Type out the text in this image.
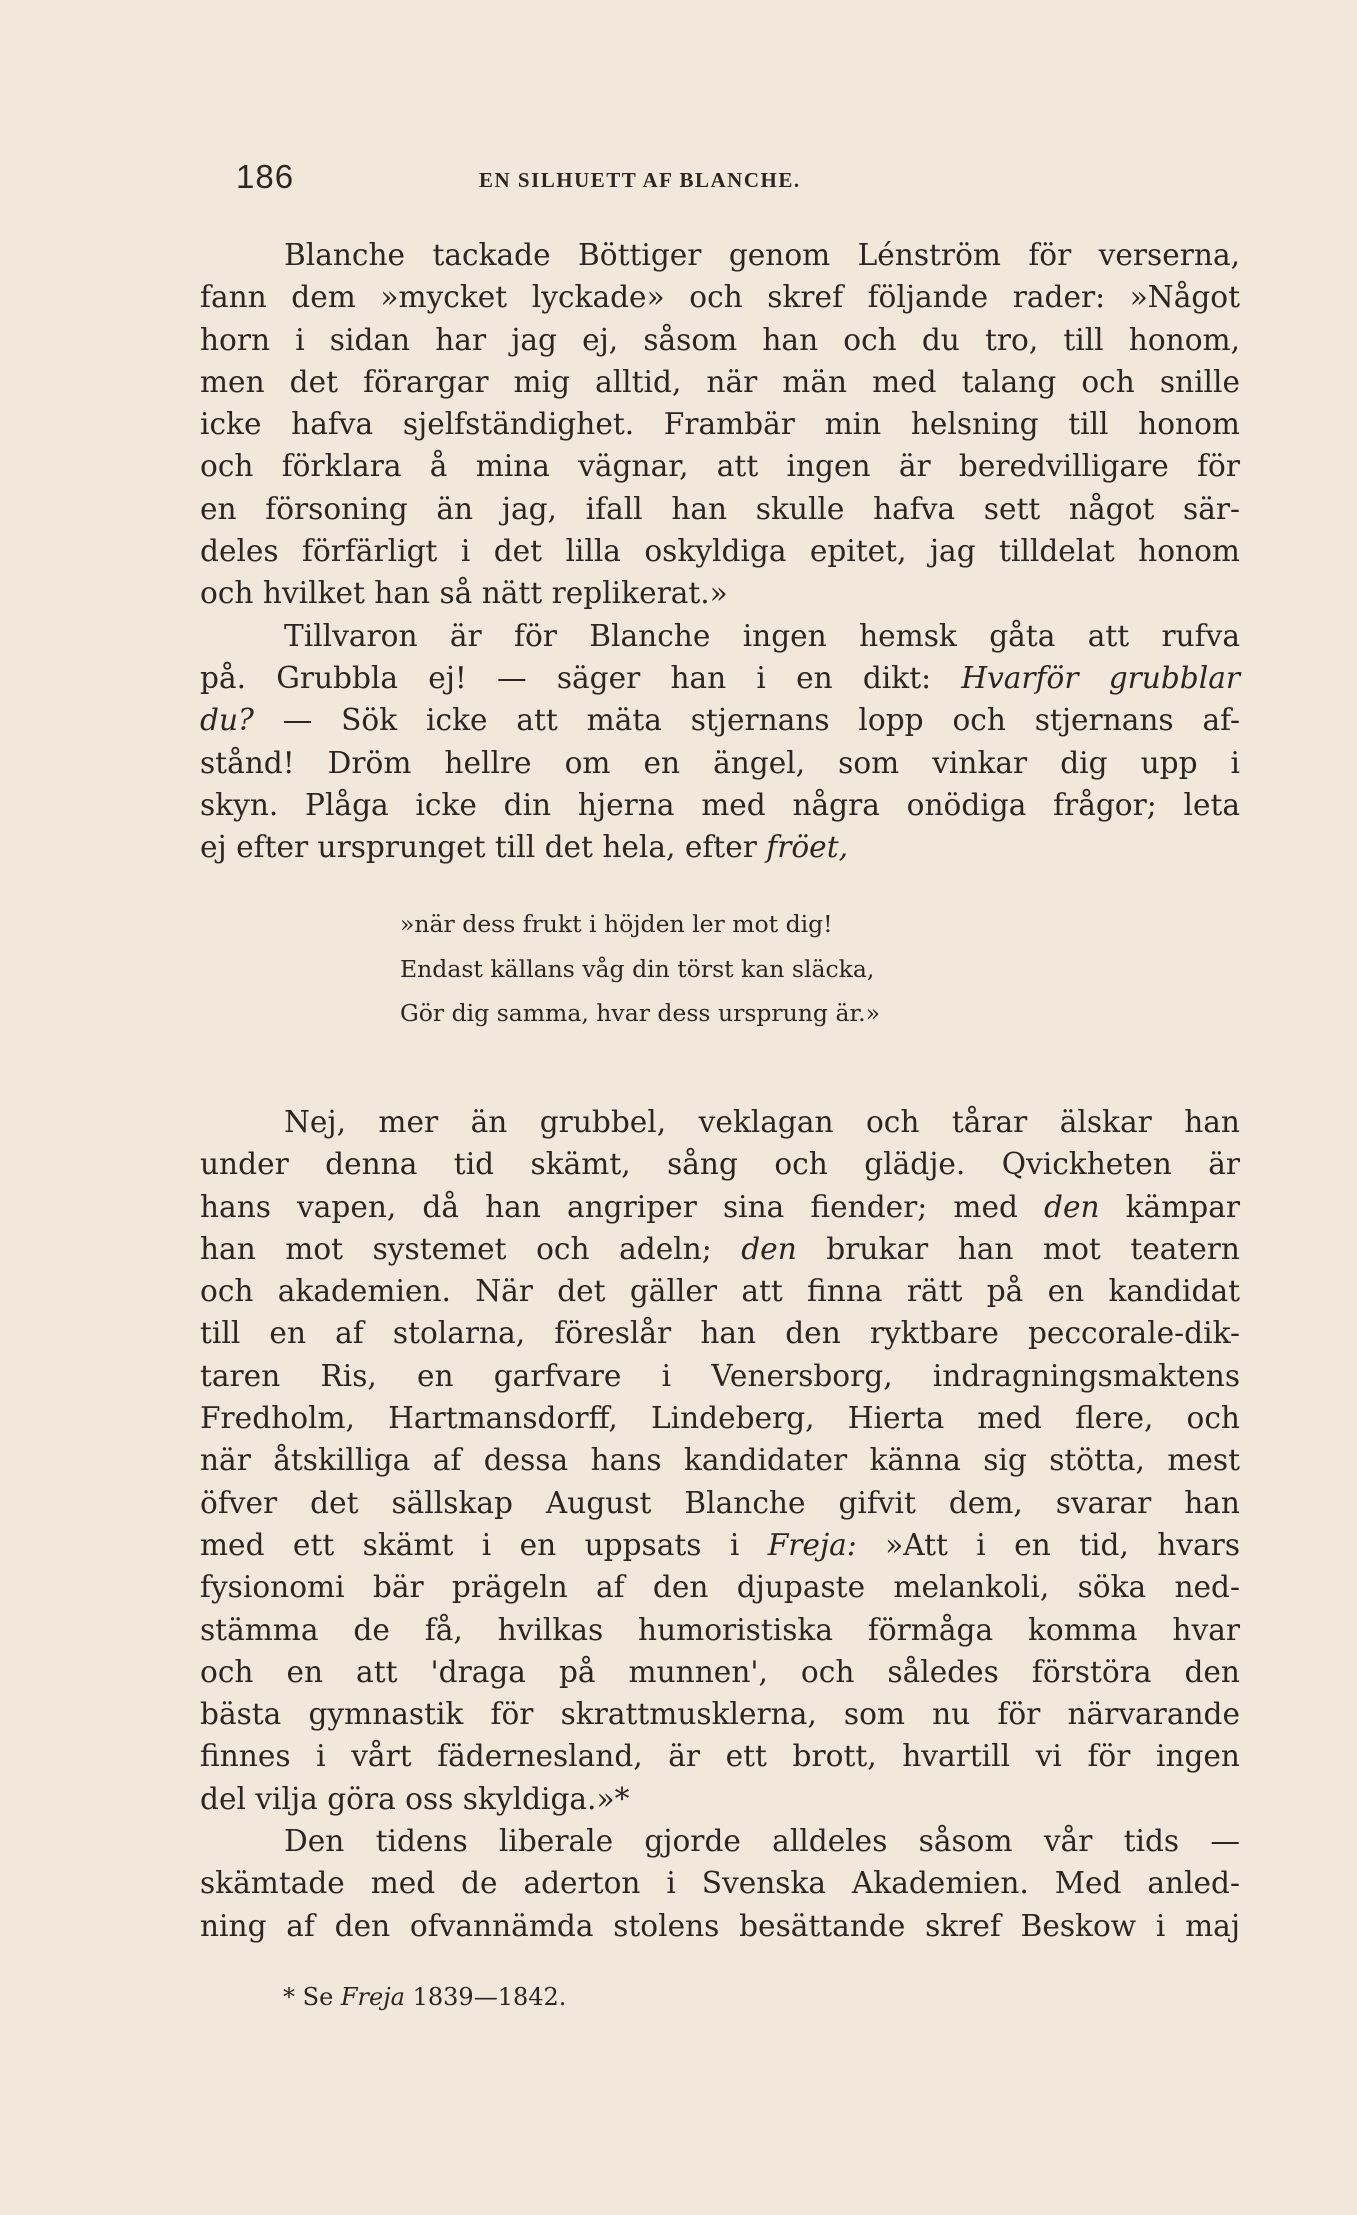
186	EN SILHUETT AF BLANCHE.
Blanche tackade Böttiger genom Lénström för verserna,
fann dem »mycket lyckade» och skref följande rader: »Något
horn i sidan har jag ej, såsom han och du tro, till honom,
men det förargar mig alltid, när män med talang och snille
icke hafva sjelfständighet. Frambär min helsning till honom
och förklara å mina vägnar, att ingen är beredvilligare för
en försoning än jag, ifall han skulle hafva sett något sär-
deles förfärligt i det lilla oskyldiga epitet, jag tilldelat honom
och hvilket han så nätt replikerat.»
Tillvaron är för Blanche ingen hemsk gåta att rufva
på. Grubbla ej! — säger han i en dikt: Hvarför grubblar
du? — Sök icke att mäta stjernans lopp och stjernans af-
stånd! Dröm hellre om en ängel, som vinkar dig upp i
skyn. Plåga icke din hjerna med några onödiga frågor; leta
ej efter ursprunget till det hela, efter fröet,
»när dess frukt i höjden ler mot dig!
Endast källans våg din törst kan släcka,
Gör dig samma, hvar dess ursprung är.»
Nej, mer än grubbel, veklagan och tårar älskar han
under denna tid skämt, sång och glädje. Qvickheten är
hans vapen, då han angriper sina fiender; med den kämpar
han mot systemet och adeln; den brukar han mot teatern
och akademien. När det gäller att finna rätt på en kandidat
till en af stolarna, föreslår han den ryktbare peccorale-dik-
taren Ris, en garfvare i Venersborg, indragningsmaktens
Fredholm, Hartmansdorff, Lindeberg, Hierta med flere, och
när åtskilliga af dessa hans kandidater känna sig stötta, mest
öfver det sällskap August Blanche gifvit dem, svarar han
med ett skämt i en uppsats i Freja: »Att i en tid, hvars
fysionomi bär prägeln af den djupaste melankoli, söka ned-
stämma de få, hvilkas humoristiska förmåga komma hvar
och en att 'draga på munnen', och således förstöra den
bästa gymnastik för skrattmusklerna, som nu för närvarande
finnes i vårt fädernesland, är ett brott, hvartill vi för ingen
del vilja göra oss skyldiga.»*
Den tidens liberale gjorde alldeles såsom vår tids —
skämtade med de aderton i Svenska Akademien. Med anled-
ning af den ofvannämda stolens besättande skref Beskow i maj
* Se Freja 1839—1842.
